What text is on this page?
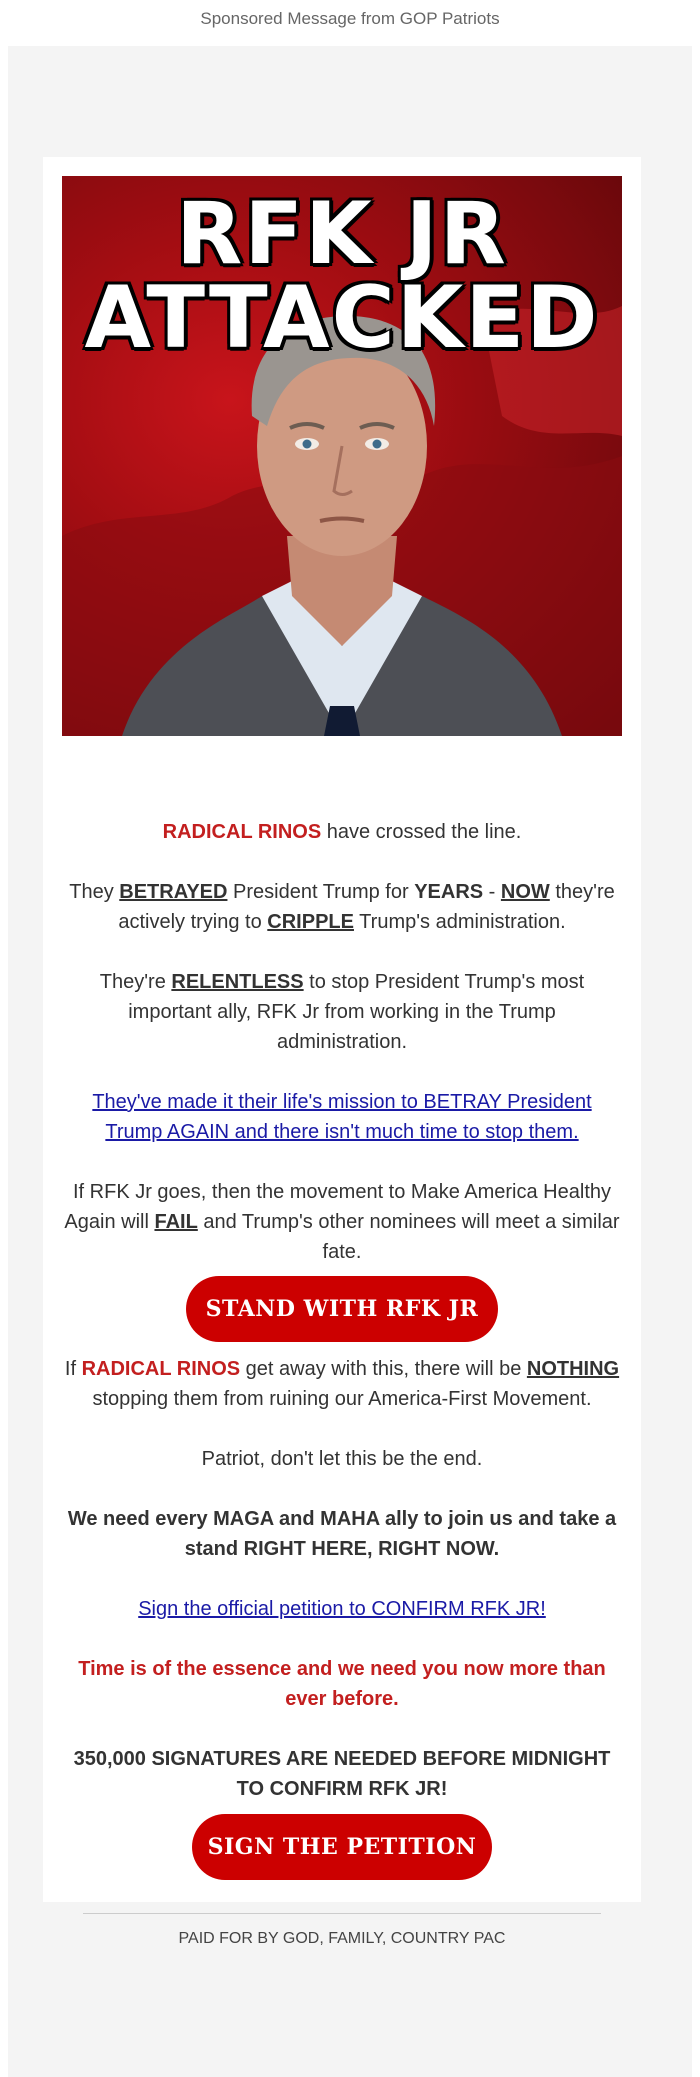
Sponsored Message from GOP Patriots
RFK JR
ATTACKED
RADICAL RINOS have crossed the line.
They BETRAYED President Trump for YEARS - NOW they're actively trying to CRIPPLE Trump's administration.
They're RELENTLESS to stop President Trump's most important ally, RFK Jr from working in the Trump administration.
They've made it their life's mission to BETRAY President Trump AGAIN and there isn't much time to stop them.
If RFK Jr goes, then the movement to Make America Healthy Again will FAIL and Trump's other nominees will meet a similar fate.
STAND WITH RFK JR
If RADICAL RINOS get away with this, there will be NOTHING stopping them from ruining our America-First Movement.
Patriot, don't let this be the end.
We need every MAGA and MAHA ally to join us and take a stand RIGHT HERE, RIGHT NOW.
Sign the official petition to CONFIRM RFK JR!
Time is of the essence and we need you now more than ever before.
350,000 SIGNATURES ARE NEEDED BEFORE MIDNIGHT TO CONFIRM RFK JR!
SIGN THE PETITION
PAID FOR BY GOD, FAMILY, COUNTRY PAC
